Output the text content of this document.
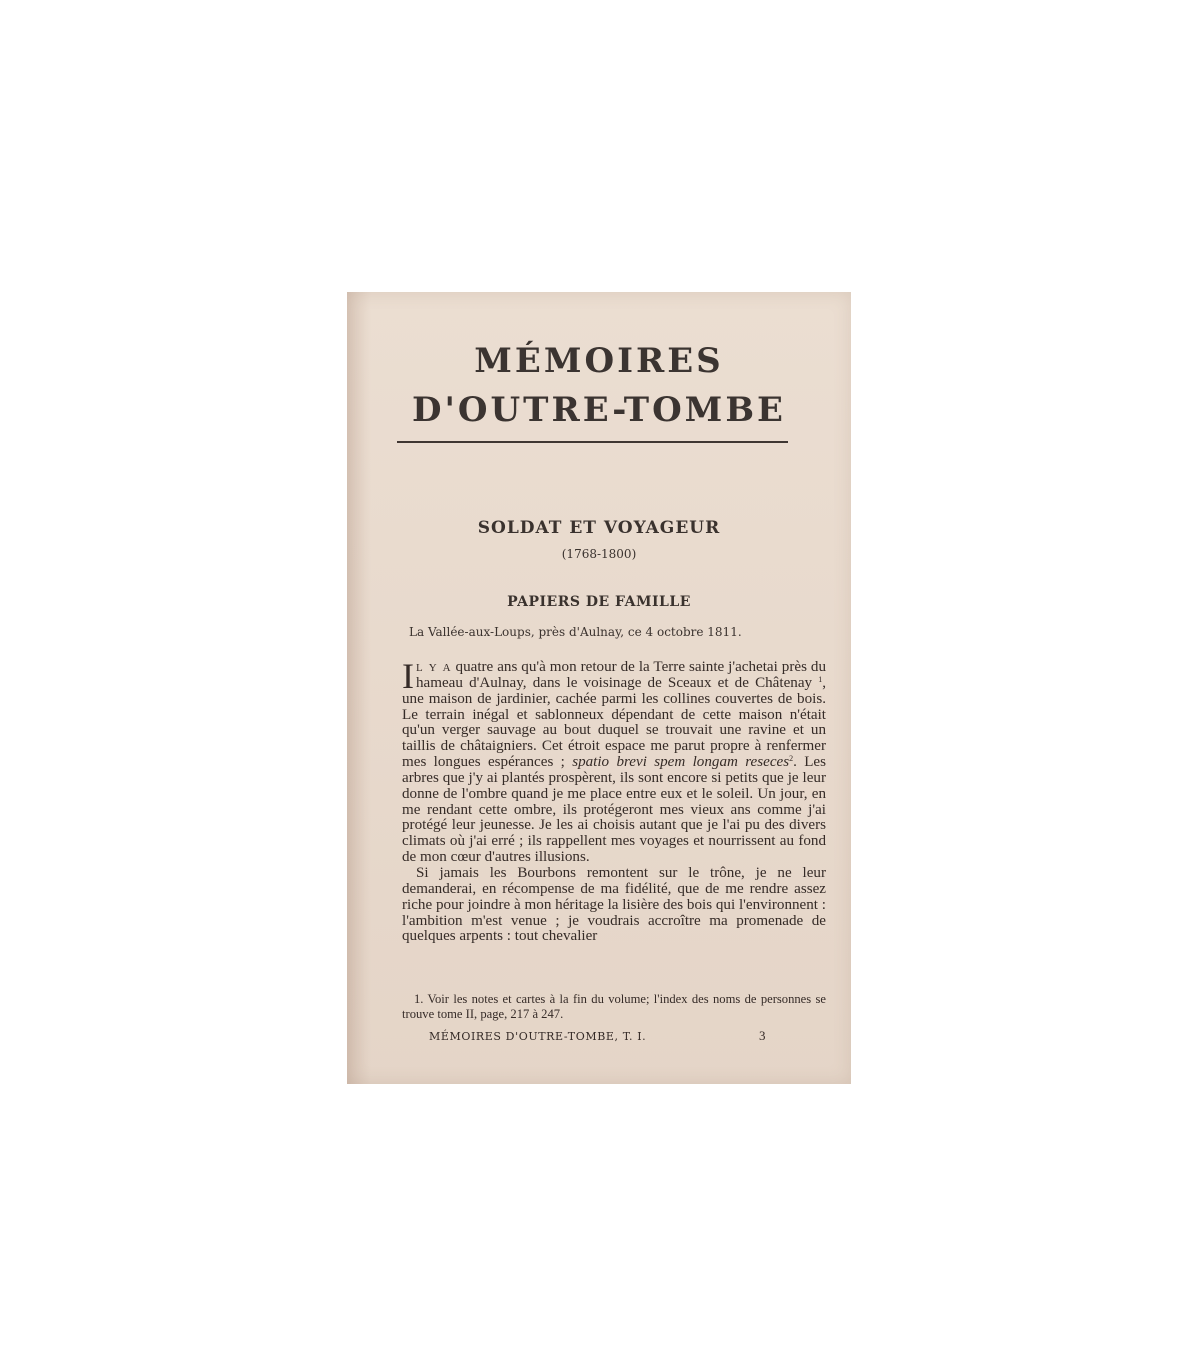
MÉMOIRES
D'OUTRE-TOMBE
SOLDAT ET VOYAGEUR

(1768-1800)

PAPIERS DE FAMILLE

La Vallée-aux-Loups, près d'Aulnay, ce 4 octobre 1811.

Il y a quatre ans qu'à mon retour de la Terre sainte j'achetai près du hameau d'Aulnay, dans le voisinage de Sceaux et de Châtenay $^1$, une maison de jardinier, cachée parmi les collines couvertes de bois. Le terrain inégal et sablonneux dépendant de cette maison n'était qu'un verger sauvage au bout duquel se trouvait une ravine et un taillis de châtaigniers. Cet étroit espace me parut propre à renfermer mes longues espérances ; spatio brevi spem longam reseces$^2$. Les arbres que j'y ai plantés prospèrent, ils sont encore si petits que je leur donne de l'ombre quand je me place entre eux et le soleil. Un jour, en me rendant cette ombre, ils protégeront mes vieux ans comme j'ai protégé leur jeunesse. Je les ai choisis autant que je l'ai pu des divers climats où j'ai erré ; ils rappellent mes voyages et nourrissent au fond de mon cœur d'autres illusions.

Si jamais les Bourbons remontent sur le trône, je ne leur demanderai, en récompense de ma fidélité, que de me rendre assez riche pour joindre à mon héritage la lisière des bois qui l'environnent : l'ambition m'est venue ; je voudrais accroître ma promenade de quelques arpents : tout chevalier

1. Voir les notes et cartes à la fin du volume; l'index des noms de personnes se trouve tome II, page, 217 à 247.

MÉMOIRES D'OUTRE-TOMBE, T. I.	3
